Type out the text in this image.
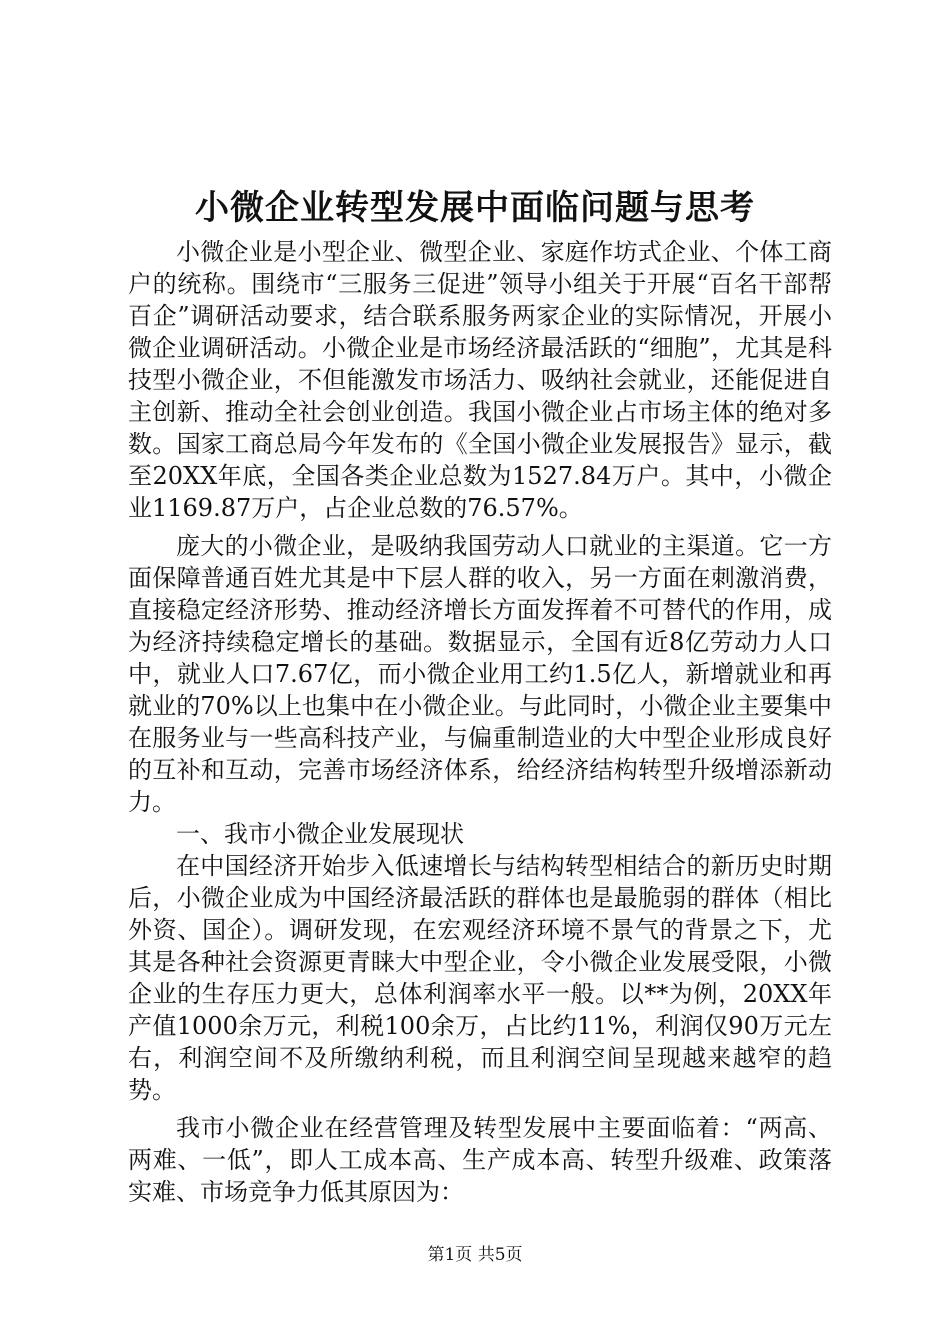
小微企业转型发展中面临问题与思考

小微企业是小型企业、微型企业、家庭作坊式企业、个体工商户的统称。围绕市“三服务三促进”领导小组关于开展“百名干部帮百企”调研活动要求，结合联系服务两家企业的实际情况，开展小微企业调研活动。小微企业是市场经济最活跃的“细胞”，尤其是科技型小微企业，不但能激发市场活力、吸纳社会就业，还能促进自主创新、推动全社会创业创造。我国小微企业占市场主体的绝对多数。国家工商总局今年发布的《全国小微企业发展报告》显示，截至20XX年底，全国各类企业总数为1527.84万户。其中，小微企业1169.87万户，占企业总数的76.57%。

庞大的小微企业，是吸纳我国劳动人口就业的主渠道。它一方面保障普通百姓尤其是中下层人群的收入，另一方面在刺激消费，直接稳定经济形势、推动经济增长方面发挥着不可替代的作用，成为经济持续稳定增长的基础。数据显示，全国有近8亿劳动力人口中，就业人口7.67亿，而小微企业用工约1.5亿人，新增就业和再就业的70%以上也集中在小微企业。与此同时，小微企业主要集中在服务业与一些高科技产业，与偏重制造业的大中型企业形成良好的互补和互动，完善市场经济体系，给经济结构转型升级增添新动力。

一、我市小微企业发展现状

在中国经济开始步入低速增长与结构转型相结合的新历史时期后，小微企业成为中国经济最活跃的群体也是最脆弱的群体（相比外资、国企）。调研发现，在宏观经济环境不景气的背景之下，尤其是各种社会资源更青睐大中型企业，令小微企业发展受限，小微企业的生存压力更大，总体利润率水平一般。以**为例，20XX年产值1000余万元，利税100余万，占比约11%，利润仅90万元左右，利润空间不及所缴纳利税，而且利润空间呈现越来越窄的趋势。

我市小微企业在经营管理及转型发展中主要面临着：“两高、两难、一低”，即人工成本高、生产成本高、转型升级难、政策落实难、市场竞争力低其原因为：

第1页 共5页
